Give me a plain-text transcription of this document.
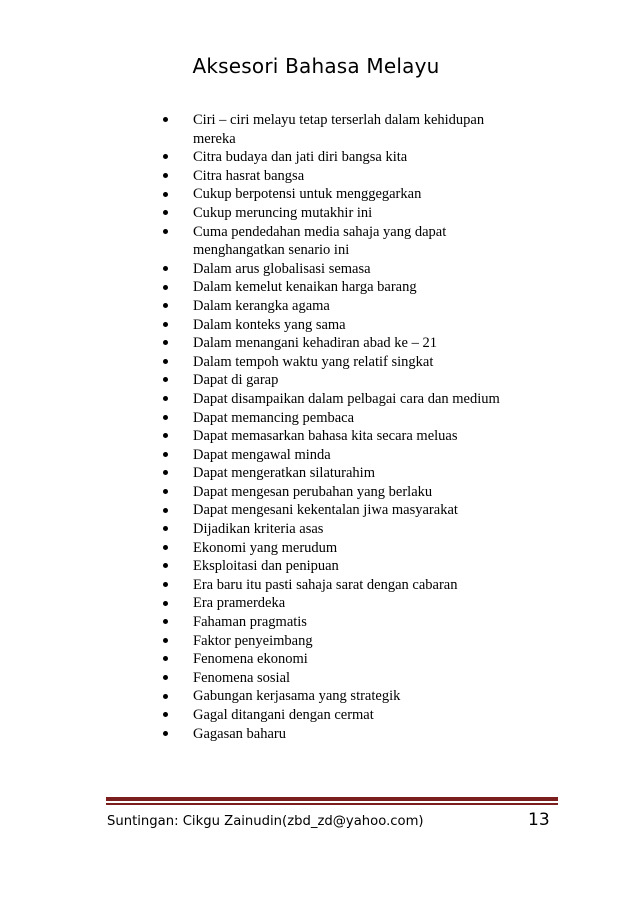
Aksesori Bahasa Melayu
Ciri – ciri melayu tetap terserlah dalam kehidupan
mereka
Citra budaya dan jati diri bangsa kita
Citra hasrat bangsa
Cukup berpotensi untuk menggegarkan
Cukup meruncing mutakhir ini
Cuma pendedahan media sahaja yang dapat
menghangatkan senario ini
Dalam arus globalisasi semasa
Dalam kemelut kenaikan harga barang
Dalam kerangka agama
Dalam konteks yang sama
Dalam menangani kehadiran abad ke – 21
Dalam tempoh waktu yang relatif singkat
Dapat di garap
Dapat disampaikan dalam pelbagai cara dan medium
Dapat memancing pembaca
Dapat memasarkan bahasa kita secara meluas
Dapat mengawal minda
Dapat mengeratkan silaturahim
Dapat mengesan perubahan yang berlaku
Dapat mengesani kekentalan jiwa masyarakat
Dijadikan kriteria asas
Ekonomi yang merudum
Eksploitasi dan penipuan
Era baru itu pasti sahaja sarat dengan cabaran
Era pramerdeka
Fahaman pragmatis
Faktor penyeimbang
Fenomena ekonomi
Fenomena sosial
Gabungan kerjasama yang strategik
Gagal ditangani dengan cermat
Gagasan baharu
Suntingan: Cikgu Zainudin(zbd_zd@yahoo.com)	13
